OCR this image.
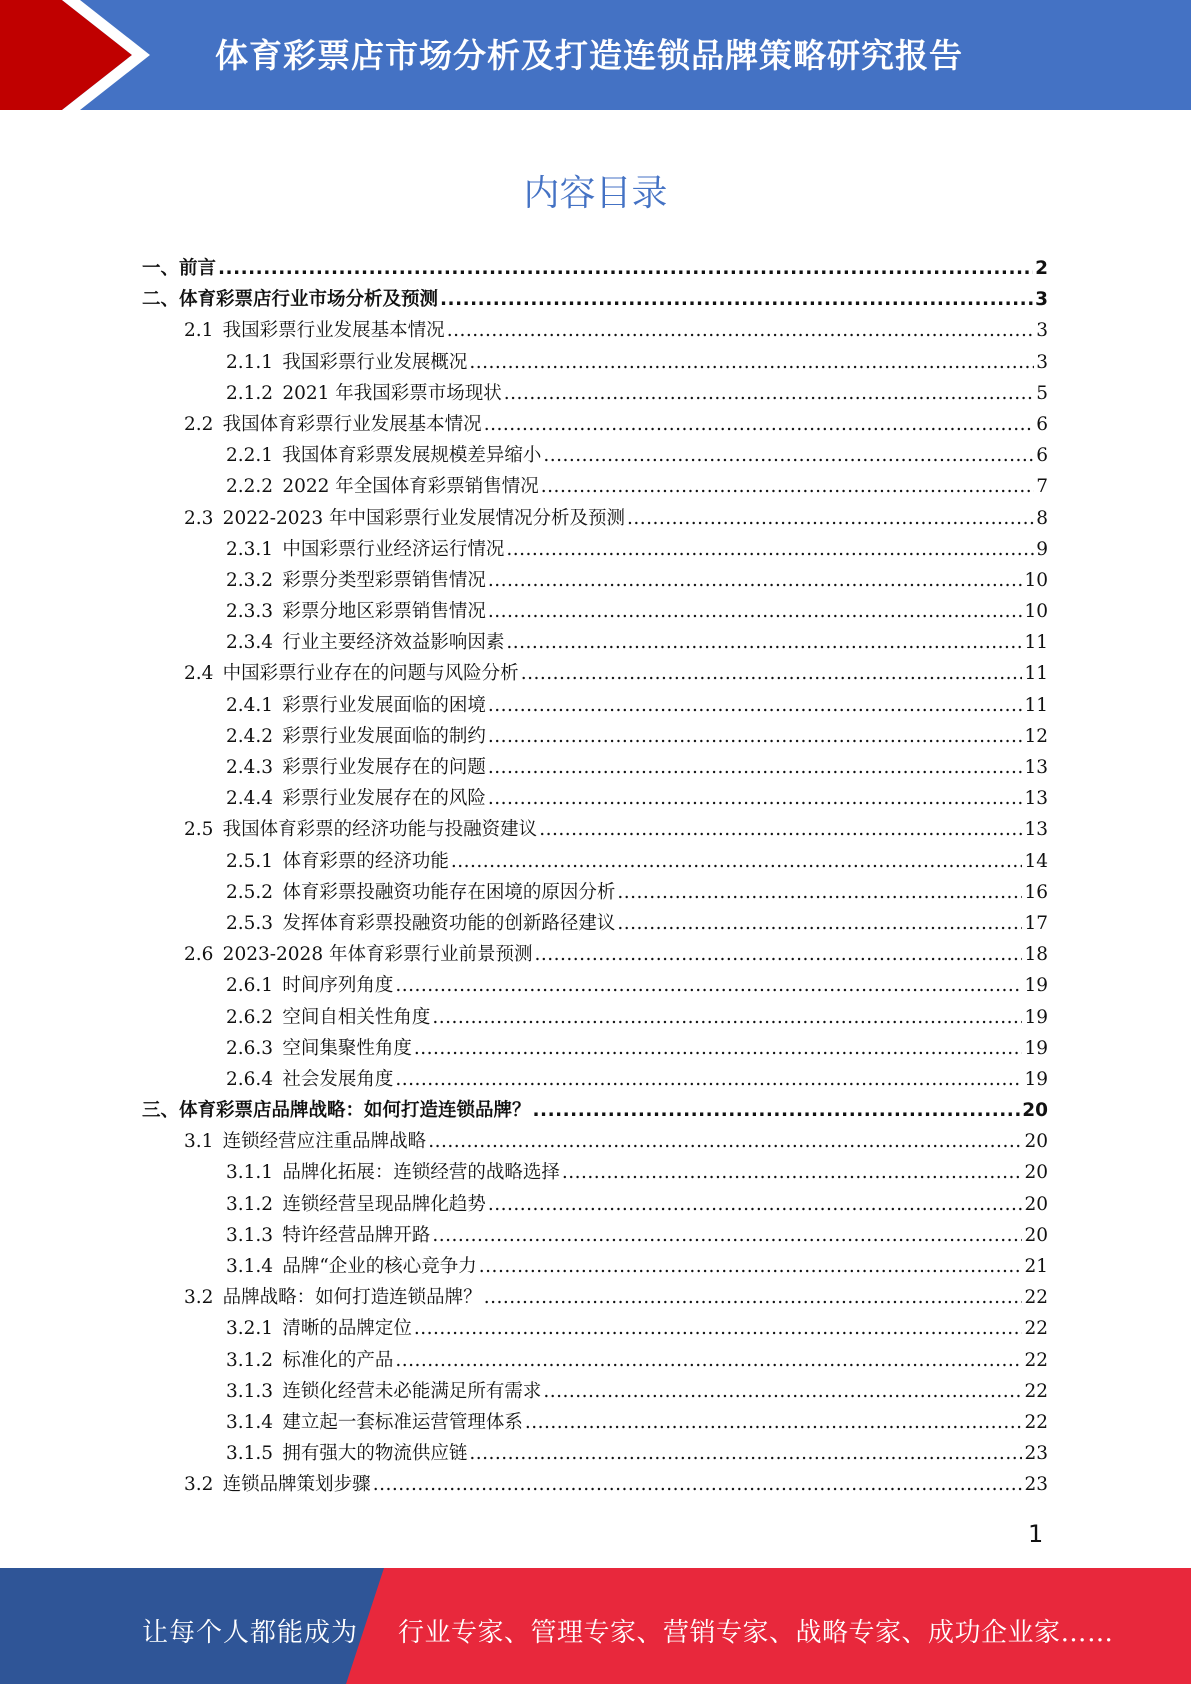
体育彩票店市场分析及打造连锁品牌策略研究报告
内容目录
一、前言 .....	2
二、体育彩票店行业市场分析及预测 .....	3
2.1  我国彩票行业发展基本情况 .....	3
2.1.1  我国彩票行业发展概况 .....	3
2.1.2  2021 年我国彩票市场现状 .....	5
2.2  我国体育彩票行业发展基本情况 .....	6
2.2.1  我国体育彩票发展规模差异缩小 .....	6
2.2.2  2022 年全国体育彩票销售情况 .....	7
2.3  2022-2023 年中国彩票行业发展情况分析及预测 .....	8
2.3.1  中国彩票行业经济运行情况 .....	9
2.3.2  彩票分类型彩票销售情况 .....	10
2.3.3  彩票分地区彩票销售情况 .....	10
2.3.4  行业主要经济效益影响因素 .....	11
2.4  中国彩票行业存在的问题与风险分析 .....	11
2.4.1  彩票行业发展面临的困境 .....	11
2.4.2  彩票行业发展面临的制约 .....	12
2.4.3  彩票行业发展存在的问题 .....	13
2.4.4  彩票行业发展存在的风险 .....	13
2.5  我国体育彩票的经济功能与投融资建议 .....	13
2.5.1  体育彩票的经济功能 .....	14
2.5.2  体育彩票投融资功能存在困境的原因分析 .....	16
2.5.3  发挥体育彩票投融资功能的创新路径建议 .....	17
2.6  2023-2028 年体育彩票行业前景预测 .....	18
2.6.1  时间序列角度 .....	19
2.6.2  空间自相关性角度 .....	19
2.6.3  空间集聚性角度 .....	19
2.6.4  社会发展角度 .....	19
三、体育彩票店品牌战略：如何打造连锁品牌？ .....	20
3.1  连锁经营应注重品牌战略 .....	20
3.1.1  品牌化拓展：连锁经营的战略选择 .....	20
3.1.2  连锁经营呈现品牌化趋势 .....	20
3.1.3  特许经营品牌开路 .....	20
3.1.4  品牌“企业的核心竞争力 .....	21
3.2  品牌战略：如何打造连锁品牌？ .....	22
3.2.1  清晰的品牌定位 .....	22
3.1.2  标准化的产品 .....	22
3.1.3  连锁化经营未必能满足所有需求 .....	22
3.1.4  建立起一套标准运营管理体系 .....	22
3.1.5  拥有强大的物流供应链 .....	23
3.2  连锁品牌策划步骤 .....	23
1
让每个人都能成为 行业专家、管理专家、营销专家、战略专家、成功企业家……
